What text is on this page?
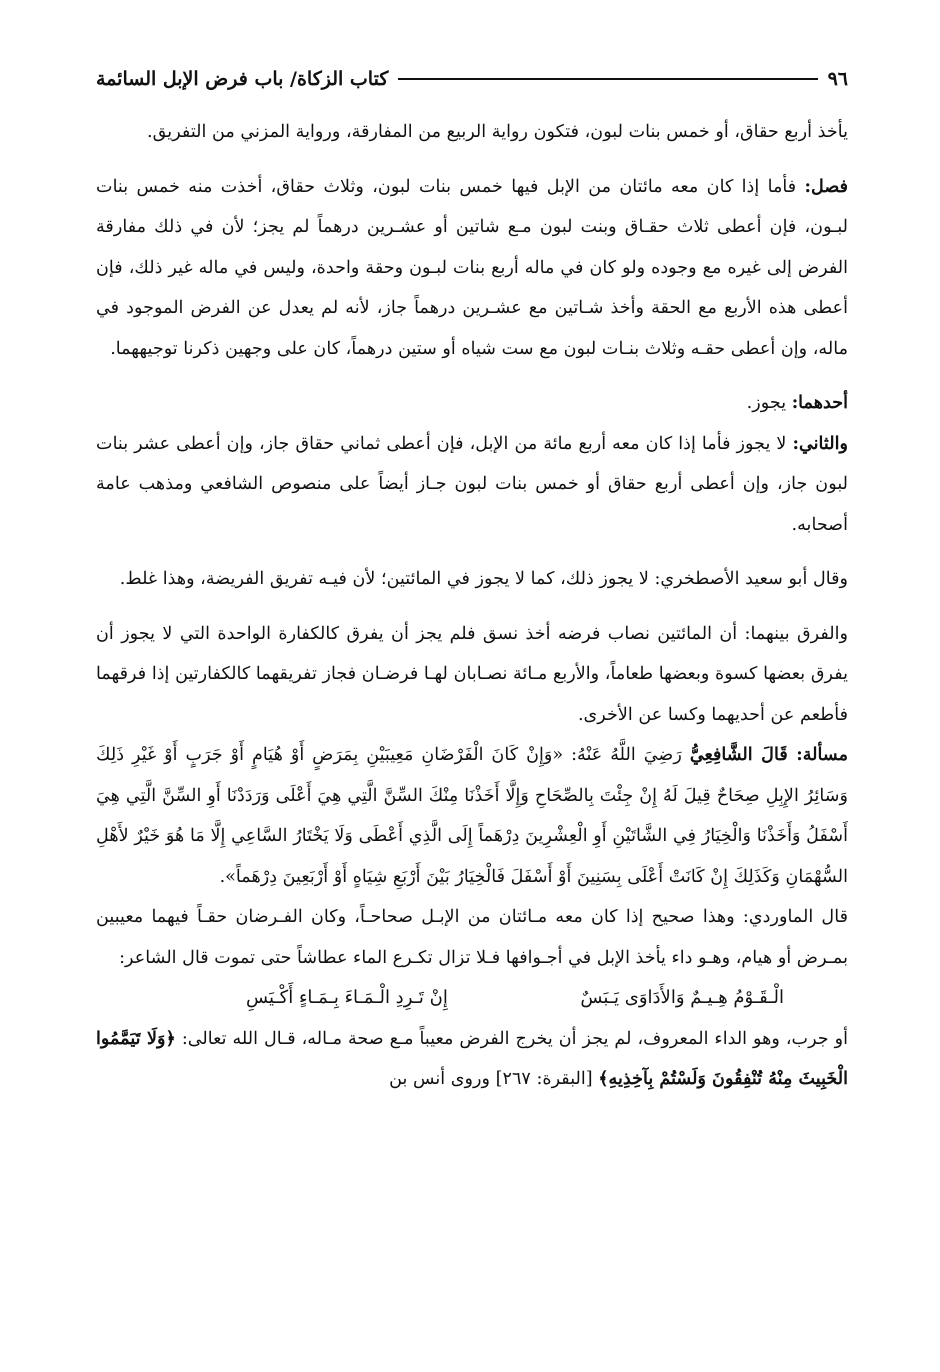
٩٦
كتاب الزكاة/ باب فرض الإبل السائمة

يأخذ أربع حقاق، أو خمس بنات لبون، فتكون رواية الربيع من المفارقة، ورواية المزني من التفريق.

فصل: فأما إذا كان معه مائتان من الإبل فيها خمس بنات لبون، وثلاث حقاق، أخذت منه خمس بنات لبـون، فإن أعطى ثلاث حقـاق وبنت لبون مـع شاتين أو عشـرين درهماً لم يجز؛ لأن في ذلك مفارقة الفرض إلى غيره مع وجوده ولو كان في ماله أربع بنات لبـون وحقة واحدة، وليس في ماله غير ذلك، فإن أعطى هذه الأربع مع الحقة وأخذ شـاتين مع عشـرين درهماً جاز، لأنه لم يعدل عن الفرض الموجود في ماله، وإن أعطى حقـه وثلاث بنـات لبون مع ست شياه أو ستين درهماً، كان على وجهين ذكرنا توجيههما.

أحدهما: يجوز.

والثاني: لا يجوز فأما إذا كان معه أربع مائة من الإبل، فإن أعطى ثماني حقاق جاز، وإن أعطى عشر بنات لبون جاز، وإن أعطى أربع حقاق أو خمس بنات لبون جـاز أيضاً على منصوص الشافعي ومذهب عامة أصحابه.

وقال أبو سعيد الأصطخري: لا يجوز ذلك، كما لا يجوز في المائتين؛ لأن فيـه تفريق الفريضة، وهذا غلط.

والفرق بينهما: أن المائتين نصاب فرضه أخذ نسق فلم يجز أن يفرق كالكفارة الواحدة التي لا يجوز أن يفرق بعضها كسوة وبعضها طعاماً، والأربع مـائة نصـابان لهـا فرضـان فجاز تفريقهما كالكفارتين إذا فرقهما فأطعم عن أحديهما وكسا عن الأخرى.

مسألة: قَالَ الشَّافِعِيُّ رَضِيَ اللَّهُ عَنْهُ: «وَإِنْ كَانَ الْفَرْضَانِ مَعِيبَيْنِ بِمَرَضٍ أَوْ هُيَامٍ أَوْ جَرَبٍ أَوْ غَيْرِ ذَلِكَ وَسَائِرُ الإِبِلِ صِحَاحٌ قِيلَ لَهُ إِنْ جِئْتَ بِالصِّحَاحِ وَإِلَّا أَخَذْنَا مِنْكَ السِّنَّ الَّتِي هِيَ أَعْلَى وَرَدَدْنَا أَوِ السِّنَّ الَّتِي هِيَ أَسْفَلُ وَأَخَذْنَا وَالْخِيَارُ فِي الشَّاتَيْنِ أَوِ الْعِشْرِينَ دِرْهَماً إِلَى الَّذِي أَعْطَى وَلَا يَخْتَارُ السَّاعِي إِلَّا مَا هُوَ خَيْرٌ لأَهْلِ السُّهْمَانِ وَكَذَلِكَ إِنْ كَانَتْ أَعْلَى بِسَنِينَ أَوْ أَسْفَلَ فَالْخِيَارُ بَيْنَ أَرْبَعِ شِيَاهٍ أَوْ أَرْبَعِينَ دِرْهَماً».

قال الماوردي: وهذا صحيح إذا كان معه مـائتان من الإبـل صحاحـاً، وكان الفـرضان حقـاً فيهما معيبين بمـرض أو هيام، وهـو داء يأخذ الإبل في أجـوافها فـلا تزال تكـرع الماء عطاشاً حتى تموت قال الشاعر:

الْـقَـوْمُ هِـيـمٌ وَالأَدَاوَى يَـبَسٌ
إِنْ تَـرِدِ الْـمَـاءَ بِـمَـاءٍ أَكْـيَسِ

أو جرب، وهو الداء المعروف، لم يجز أن يخرج الفرض معيباً مـع صحة مـاله، قـال الله تعالى: ﴿وَلَا تَيَمَّمُوا الْخَبِيثَ مِنْهُ تُنْفِقُونَ وَلَسْتُمْ بِآخِذِيهِ﴾ [البقرة: ٢٦٧] وروى أنس بن
